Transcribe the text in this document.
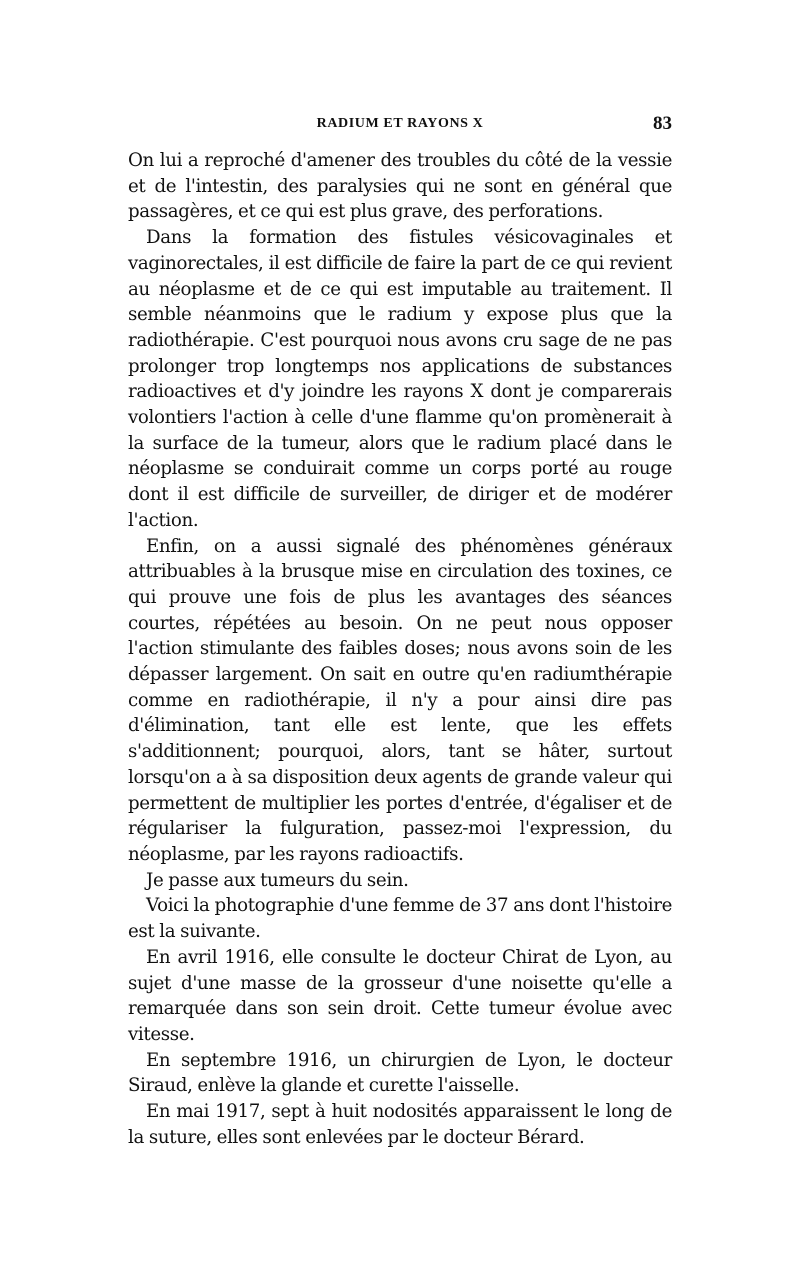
RADIUM ET RAYONS X	83

On lui a reproché d'amener des troubles du côté de la vessie et de l'intestin, des paralysies qui ne sont en général que passagères, et ce qui est plus grave, des perforations.

Dans la formation des fistules vésicovaginales et vaginorectales, il est difficile de faire la part de ce qui revient au néoplasme et de ce qui est imputable au traitement. Il semble néanmoins que le radium y expose plus que la radiothérapie. C'est pourquoi nous avons cru sage de ne pas prolonger trop longtemps nos applications de substances radioactives et d'y joindre les rayons X dont je comparerais volontiers l'action à celle d'une flamme qu'on promènerait à la surface de la tumeur, alors que le radium placé dans le néoplasme se conduirait comme un corps porté au rouge dont il est difficile de surveiller, de diriger et de modérer l'action.

Enfin, on a aussi signalé des phénomènes généraux attribuables à la brusque mise en circulation des toxines, ce qui prouve une fois de plus les avantages des séances courtes, répétées au besoin. On ne peut nous opposer l'action stimulante des faibles doses; nous avons soin de les dépasser largement. On sait en outre qu'en radiumthérapie comme en radiothérapie, il n'y a pour ainsi dire pas d'élimination, tant elle est lente, que les effets s'additionnent; pourquoi, alors, tant se hâter, surtout lorsqu'on a à sa disposition deux agents de grande valeur qui permettent de multiplier les portes d'entrée, d'égaliser et de régulariser la fulguration, passez-moi l'expression, du néoplasme, par les rayons radioactifs.

Je passe aux tumeurs du sein.

Voici la photographie d'une femme de 37 ans dont l'histoire est la suivante.

En avril 1916, elle consulte le docteur Chirat de Lyon, au sujet d'une masse de la grosseur d'une noisette qu'elle a remarquée dans son sein droit. Cette tumeur évolue avec vitesse.

En septembre 1916, un chirurgien de Lyon, le docteur Siraud, enlève la glande et curette l'aisselle.

En mai 1917, sept à huit nodosités apparaissent le long de la suture, elles sont enlevées par le docteur Bérard.
